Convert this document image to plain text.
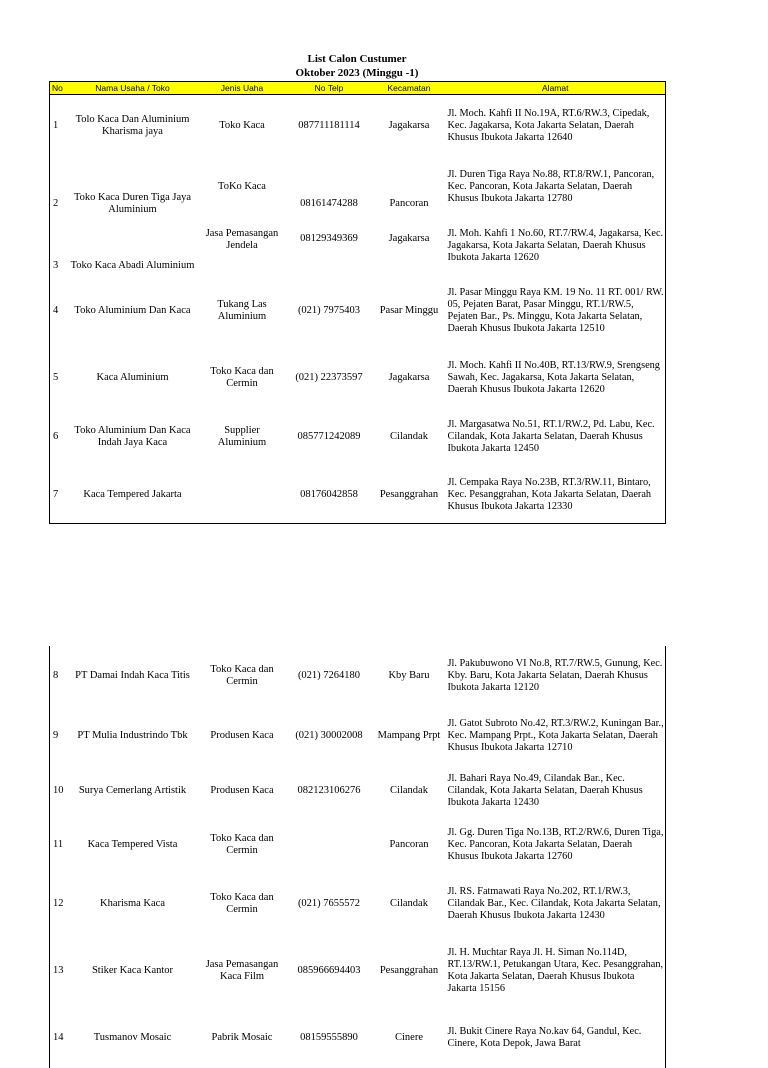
List Calon Custumer
Oktober 2023 (Minggu -1)
No	Nama Usaha / Toko	Jenis Uaha	No Telp	Kecamatan	Alamat
1	Tolo Kaca Dan Aluminium Kharisma jaya	Toko Kaca	087711181114	Jagakarsa	Jl. Moch. Kahfi II No.19A, RT.6/RW.3, Cipedak, Kec. Jagakarsa, Kota Jakarta Selatan, Daerah Khusus Ibukota Jakarta 12640
2	Toko Kaca Duren Tiga Jaya Aluminium	ToKo Kaca	08161474288	Pancoran	Jl. Duren Tiga Raya No.88, RT.8/RW.1, Pancoran, Kec. Pancoran, Kota Jakarta Selatan, Daerah Khusus Ibukota Jakarta 12780
3	Toko Kaca Abadi Aluminium	Jasa Pemasangan Jendela	08129349369	Jagakarsa	Jl. Moh. Kahfi 1 No.60, RT.7/RW.4, Jagakarsa, Kec. Jagakarsa, Kota Jakarta Selatan, Daerah Khusus Ibukota Jakarta 12620
4	Toko Aluminium Dan Kaca	Tukang Las Aluminium	(021) 7975403	Pasar Minggu	Jl. Pasar Minggu Raya KM. 19 No. 11 RT. 001/ RW. 05, Pejaten Barat, Pasar Minggu, RT.1/RW.5, Pejaten Bar., Ps. Minggu, Kota Jakarta Selatan, Daerah Khusus Ibukota Jakarta 12510
5	Kaca Aluminium	Toko Kaca dan Cermin	(021) 22373597	Jagakarsa	Jl. Moch. Kahfi II No.40B, RT.13/RW.9, Srengseng Sawah, Kec. Jagakarsa, Kota Jakarta Selatan, Daerah Khusus Ibukota Jakarta 12620
6	Toko Aluminium Dan Kaca Indah Jaya Kaca	Supplier Aluminium	085771242089	Cilandak	Jl. Margasatwa No.51, RT.1/RW.2, Pd. Labu, Kec. Cilandak, Kota Jakarta Selatan, Daerah Khusus Ibukota Jakarta 12450
7	Kaca Tempered Jakarta		08176042858	Pesanggrahan	Jl. Cempaka Raya No.23B, RT.3/RW.11, Bintaro, Kec. Pesanggrahan, Kota Jakarta Selatan, Daerah Khusus Ibukota Jakarta 12330
8	PT Damai Indah Kaca Titis	Toko Kaca dan Cermin	(021) 7264180	Kby Baru	Jl. Pakubuwono VI No.8, RT.7/RW.5, Gunung, Kec. Kby. Baru, Kota Jakarta Selatan, Daerah Khusus Ibukota Jakarta 12120
9	PT Mulia Industrindo Tbk	Produsen Kaca	(021) 30002008	Mampang Prpt	Jl. Gatot Subroto No.42, RT.3/RW.2, Kuningan Bar., Kec. Mampang Prpt., Kota Jakarta Selatan, Daerah Khusus Ibukota Jakarta 12710
10	Surya Cemerlang Artistik	Produsen Kaca	082123106276	Cilandak	Jl. Bahari Raya No.49, Cilandak Bar., Kec. Cilandak, Kota Jakarta Selatan, Daerah Khusus Ibukota Jakarta 12430
11	Kaca Tempered Vista	Toko Kaca dan Cermin		Pancoran	Jl. Gg. Duren Tiga No.13B, RT.2/RW.6, Duren Tiga, Kec. Pancoran, Kota Jakarta Selatan, Daerah Khusus Ibukota Jakarta 12760
12	Kharisma Kaca	Toko Kaca dan Cermin	(021) 7655572	Cilandak	Jl. RS. Fatmawati Raya No.202, RT.1/RW.3, Cilandak Bar., Kec. Cilandak, Kota Jakarta Selatan, Daerah Khusus Ibukota Jakarta 12430
13	Stiker Kaca Kantor	Jasa Pemasangan Kaca Film	085966694403	Pesanggrahan	Jl. H. Muchtar Raya Jl. H. Siman No.114D, RT.13/RW.1, Petukangan Utara, Kec. Pesanggrahan, Kota Jakarta Selatan, Daerah Khusus Ibukota Jakarta 15156
14	Tusmanov Mosaic	Pabrik Mosaic	08159555890	Cinere	Jl. Bukit Cinere Raya No.kav 64, Gandul, Kec. Cinere, Kota Depok, Jawa Barat
